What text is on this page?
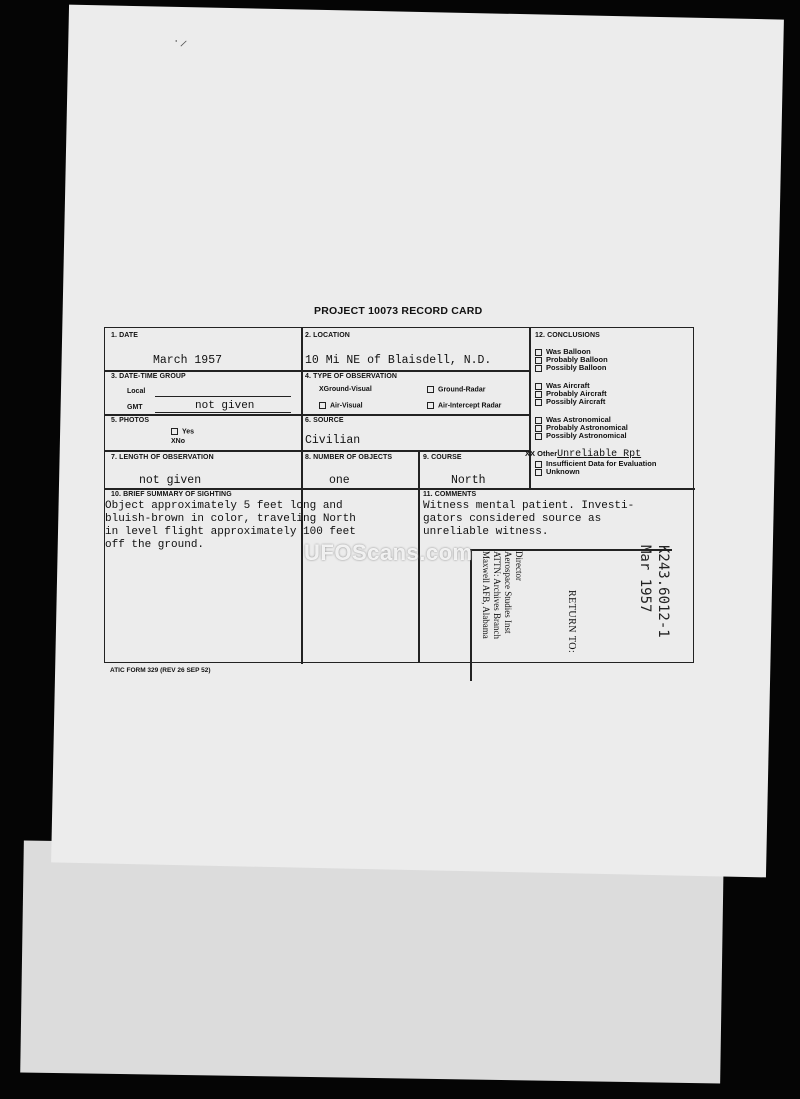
˙⸍
PROJECT 10073 RECORD CARD
1. DATE
March 1957
2. LOCATION
10 Mi NE of Blaisdell, N.D.
3. DATE-TIME GROUP
Local
GMT	not given
4. TYPE OF OBSERVATION
XGround-Visual	Ground-Radar
Air-Visual	Air-Intercept Radar
5. PHOTOS
Yes
XNo
6. SOURCE
Civilian
7. LENGTH OF OBSERVATION
not given
8. NUMBER OF OBJECTS
one
9. COURSE
North
12. CONCLUSIONS
Was Balloon
Probably Balloon
Possibly Balloon
Was Aircraft
Probably Aircraft
Possibly Aircraft
Was Astronomical
Probably Astronomical
Possibly Astronomical
XX OtherUnreliable Rpt
Insufficient Data for Evaluation
Unknown
10. BRIEF SUMMARY OF SIGHTING
Object approximately 5 feet long and
bluish-brown in color, traveling North
in level flight approximately 100 feet
off the ground.
11. COMMENTS
Witness mental patient. Investi-
gators considered source as
unreliable witness.
ATIC FORM 329 (REV 26 SEP 52)
Director
Aerospace Studies Inst
ATTN: Archives Branch
Maxwell AFB, Alabama	RETURN TO:	K243.6012-1
Mar 1957
UFOScans.com
